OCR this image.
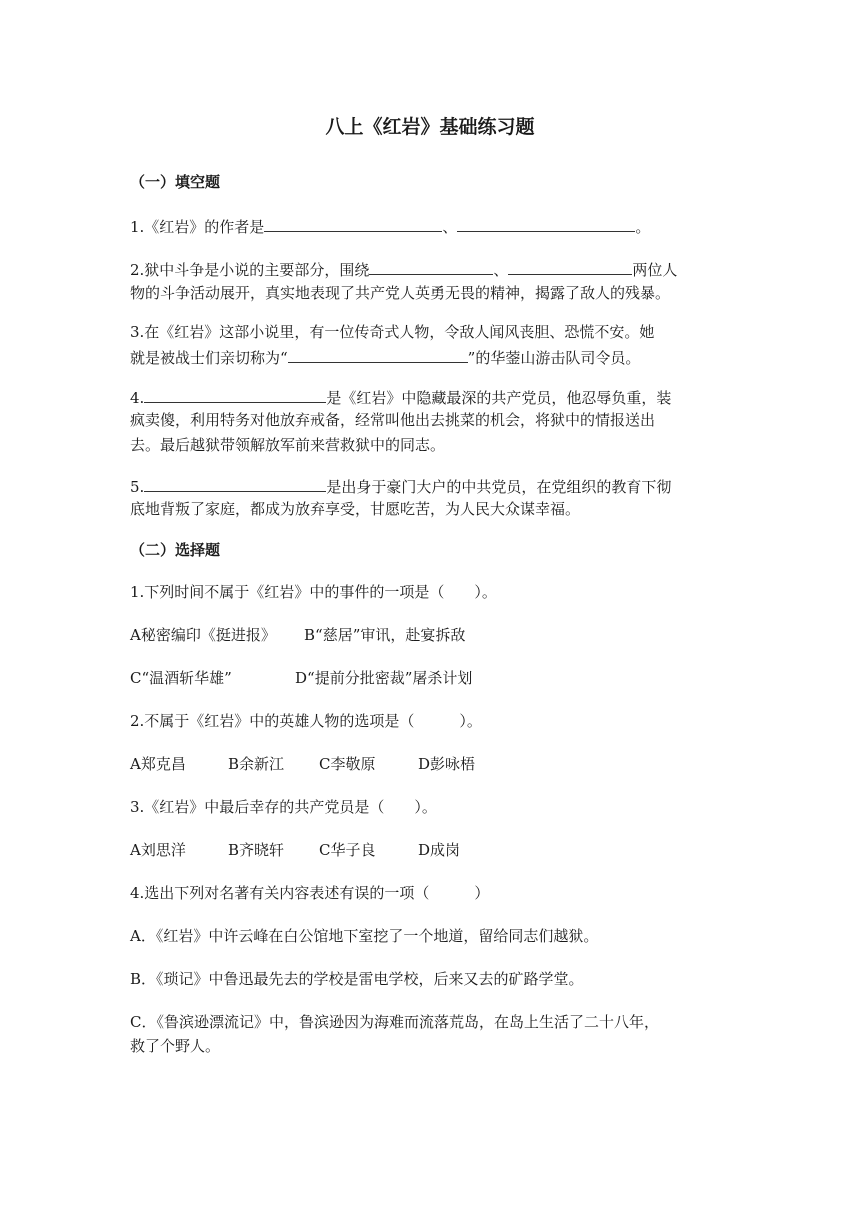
八上《红岩》基础练习题
（一）填空题
1.《红岩》的作者是	、	。
2.狱中斗争是小说的主要部分，围绕	、	两位人
物的斗争活动展开，真实地表现了共产党人英勇无畏的精神，揭露了敌人的残暴。
3.在《红岩》这部小说里，有一位传奇式人物，令敌人闻风丧胆、恐慌不安。她
就是被战士们亲切称为“	”的华蓥山游击队司令员。
4.	是《红岩》中隐藏最深的共产党员，他忍辱负重，装
疯卖傻，利用特务对他放弃戒备，经常叫他出去挑菜的机会，将狱中的情报送出
去。最后越狱带领解放军前来营救狱中的同志。
5.	是出身于豪门大户的中共党员，在党组织的教育下彻
底地背叛了家庭，都成为放弃享受，甘愿吃苦，为人民大众谋幸福。
（二）选择题
1.下列时间不属于《红岩》中的事件的一项是（　　）。
A秘密编印《挺进报》 B“慈居”审讯，赴宴拆敌
C“温酒斩华雄”	D“提前分批密裁”屠杀计划
2.不属于《红岩》中的英雄人物的选项是（　　　）。
A郑克昌	B余新江 C李敬原	D彭咏梧
3.《红岩》中最后幸存的共产党员是（　　）。
A刘思洋	B齐晓轩 C华子良	D成岗
4.选出下列对名著有关内容表述有误的一项（　　　）
A．《红岩》中许云峰在白公馆地下室挖了一个地道，留给同志们越狱。
B．《琐记》中鲁迅最先去的学校是雷电学校，后来又去的矿路学堂。
C．《鲁滨逊漂流记》中，鲁滨逊因为海难而流落荒岛，在岛上生活了二十八年，
救了个野人。
